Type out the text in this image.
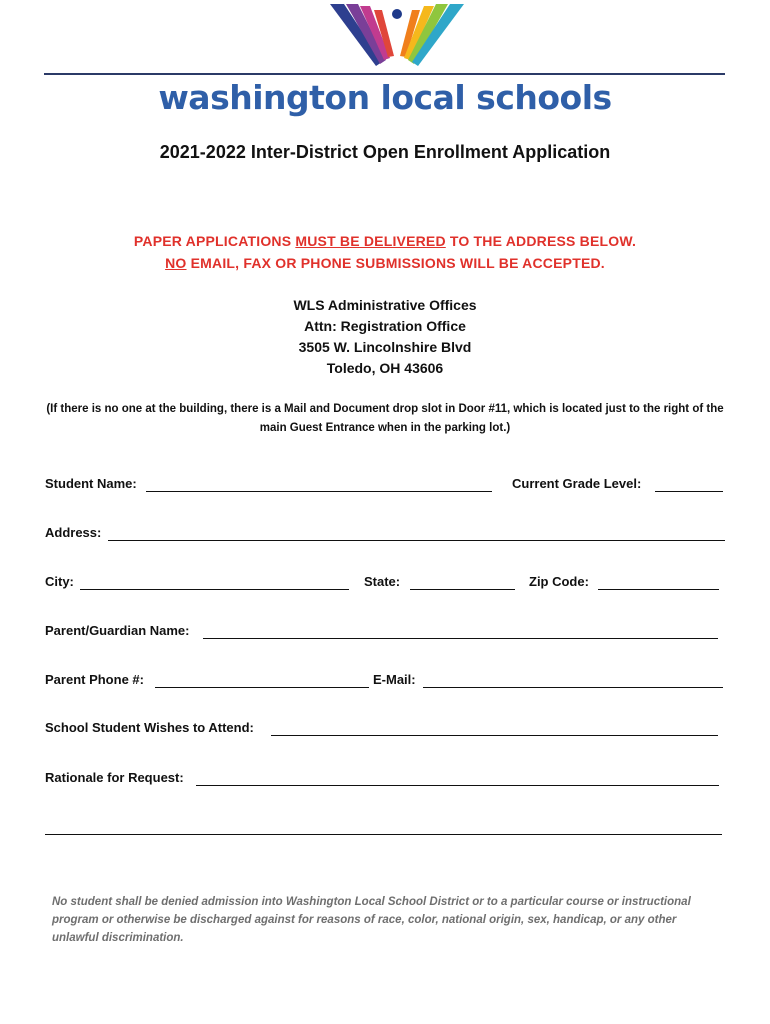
washington local schools
2021-2022 Inter-District Open Enrollment Application
PAPER APPLICATIONS MUST BE DELIVERED TO THE ADDRESS BELOW.
NO EMAIL, FAX OR PHONE SUBMISSIONS WILL BE ACCEPTED.
WLS Administrative Offices
Attn: Registration Office
3505 W. Lincolnshire Blvd
Toledo, OH 43606
(If there is no one at the building, there is a Mail and Document drop slot in Door #11, which is located just to the right of the main Guest Entrance when in the parking lot.)
Student Name:	Current Grade Level:
Address:
City:	State:	Zip Code:
Parent/Guardian Name:
Parent Phone #:	E-Mail:
School Student Wishes to Attend:
Rationale for Request:
No student shall be denied admission into Washington Local School District or to a particular course or instructional program or otherwise be discharged against for reasons of race, color, national origin, sex, handicap, or any other unlawful discrimination.
